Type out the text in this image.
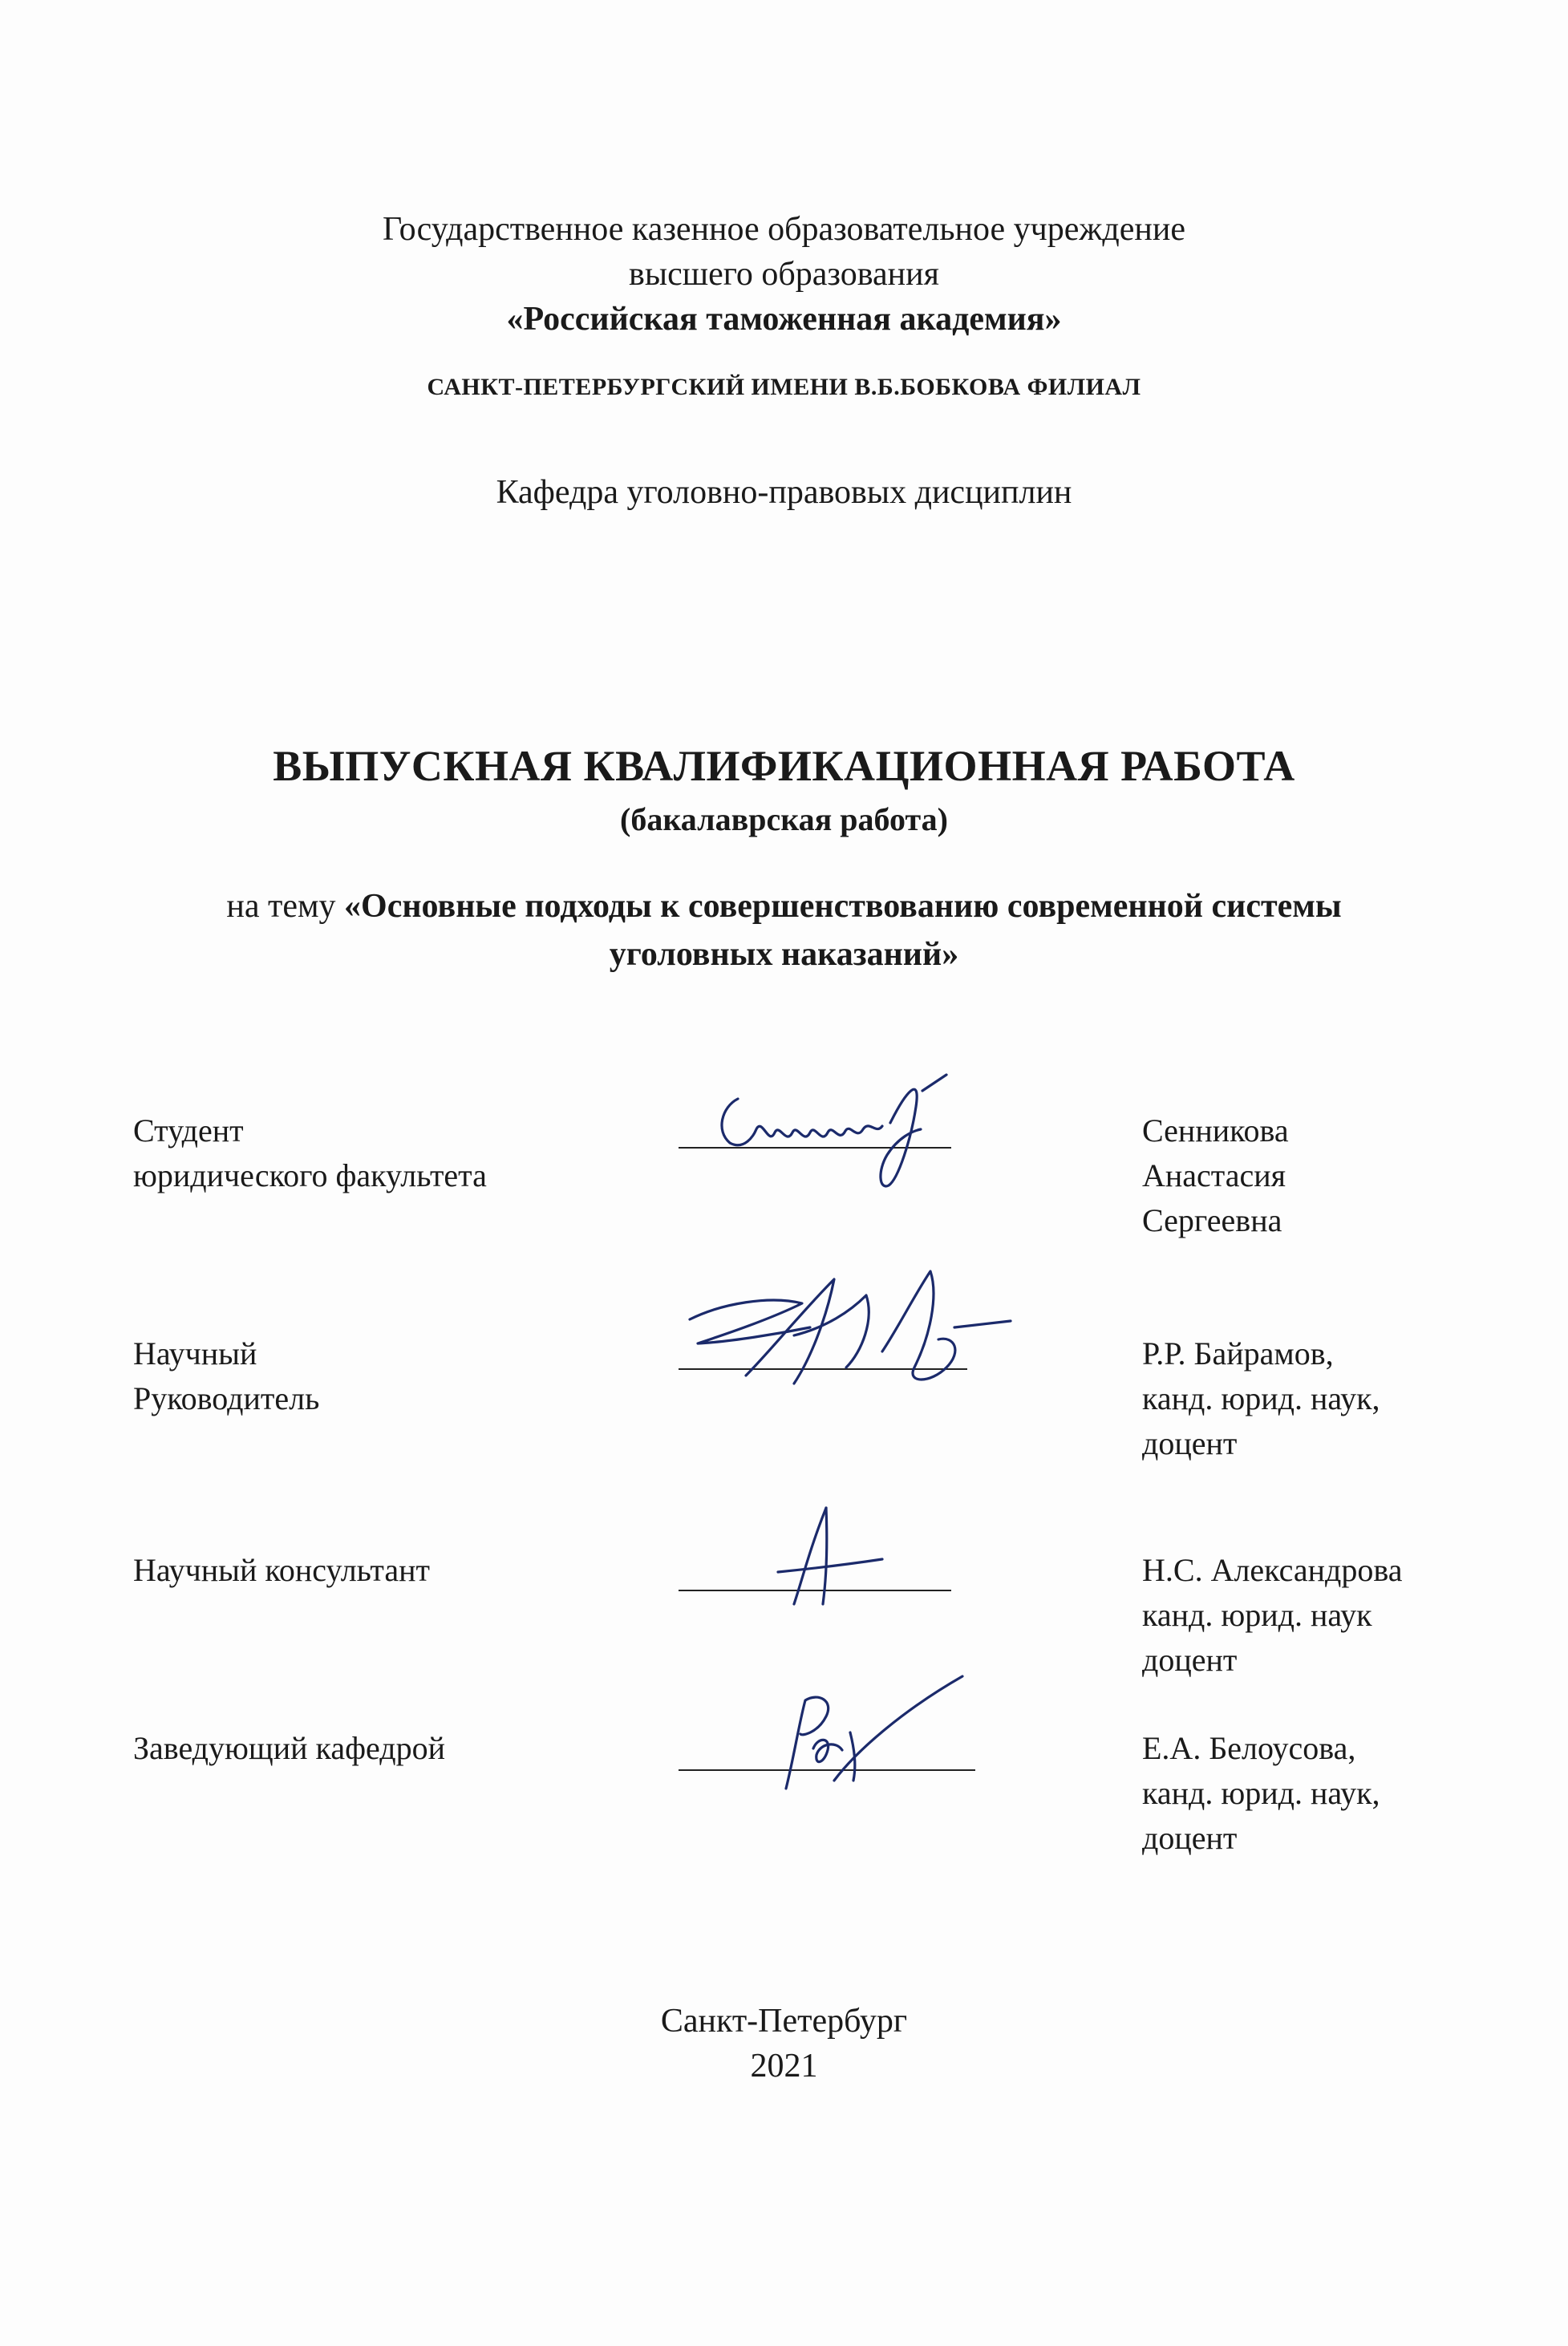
Государственное казенное образовательное учреждение
высшего образования
«Российская таможенная академия»
САНКТ-ПЕТЕРБУРГСКИЙ ИМЕНИ В.Б.БОБКОВА ФИЛИАЛ
Кафедра уголовно-правовых дисциплин
ВЫПУСКНАЯ КВАЛИФИКАЦИОННАЯ РАБОТА
(бакалаврская работа)
на тему «Основные подходы к совершенствованию современной системы
уголовных наказаний»
Студент
юридического факультета
Сенникова
Анастасия
Сергеевна
Научный
Руководитель
Р.Р. Байрамов,
канд. юрид. наук,
доцент
Научный консультант	Н.С. Александрова
канд. юрид. наук
доцент
Заведующий кафедрой	Е.А. Белоусова,
канд. юрид. наук,
доцент
Санкт-Петербург
2021
